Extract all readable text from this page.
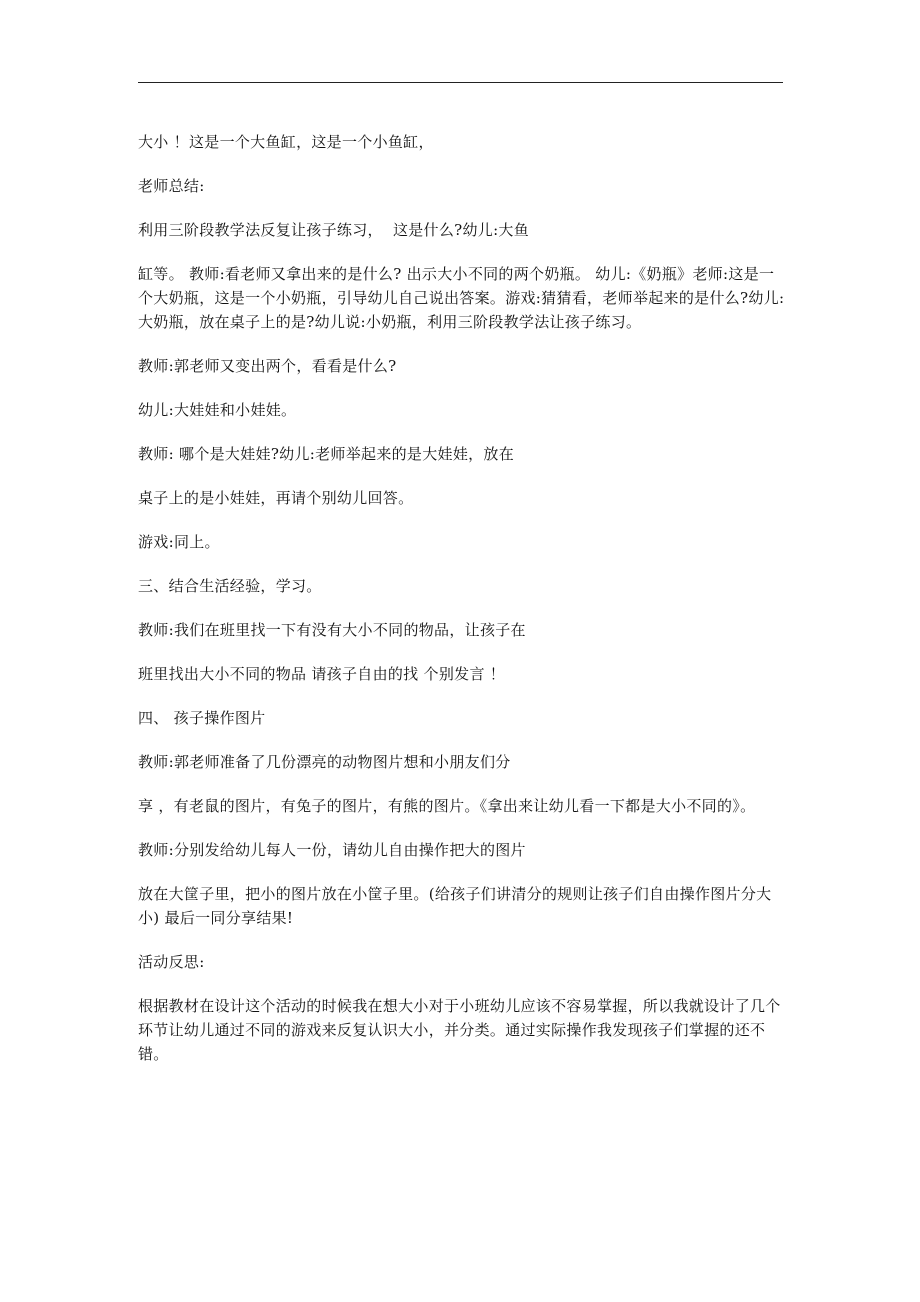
大小 ！这是一个大鱼缸，这是一个小鱼缸，

老师总结:

利用三阶段教学法反复让孩子练习，  这是什么?幼儿:大鱼

缸等。 教师:看老师又拿出来的是什么? 出示大小不同的两个奶瓶。 幼儿:《奶瓶》老师:这是一个大奶瓶，这是一个小奶瓶，引导幼儿自己说出答案。游戏:猜猜看，老师举起来的是什么?幼儿:大奶瓶，放在桌子上的是?幼儿说:小奶瓶，利用三阶段教学法让孩子练习。

教师:郭老师又变出两个，看看是什么?

幼儿:大娃娃和小娃娃。

教师: 哪个是大娃娃?幼儿:老师举起来的是大娃娃，放在

桌子上的是小娃娃，再请个别幼儿回答。

游戏:同上。

三、结合生活经验，学习。

教师:我们在班里找一下有没有大小不同的物品，让孩子在

班里找出大小不同的物品 请孩子自由的找 个别发言 ！

四、 孩子操作图片

教师:郭老师准备了几份漂亮的动物图片想和小朋友们分

享 ，有老鼠的图片，有兔子的图片，有熊的图片。《拿出来让幼儿看一下都是大小不同的》。

教师:分别发给幼儿每人一份，请幼儿自由操作把大的图片

放在大筐子里，把小的图片放在小筐子里。(给孩子们讲清分的规则让孩子们自由操作图片分大小) 最后一同分享结果!

活动反思:

根据教材在设计这个活动的时候我在想大小对于小班幼儿应该不容易掌握，所以我就设计了几个环节让幼儿通过不同的游戏来反复认识大小，并分类。通过实际操作我发现孩子们掌握的还不错。
